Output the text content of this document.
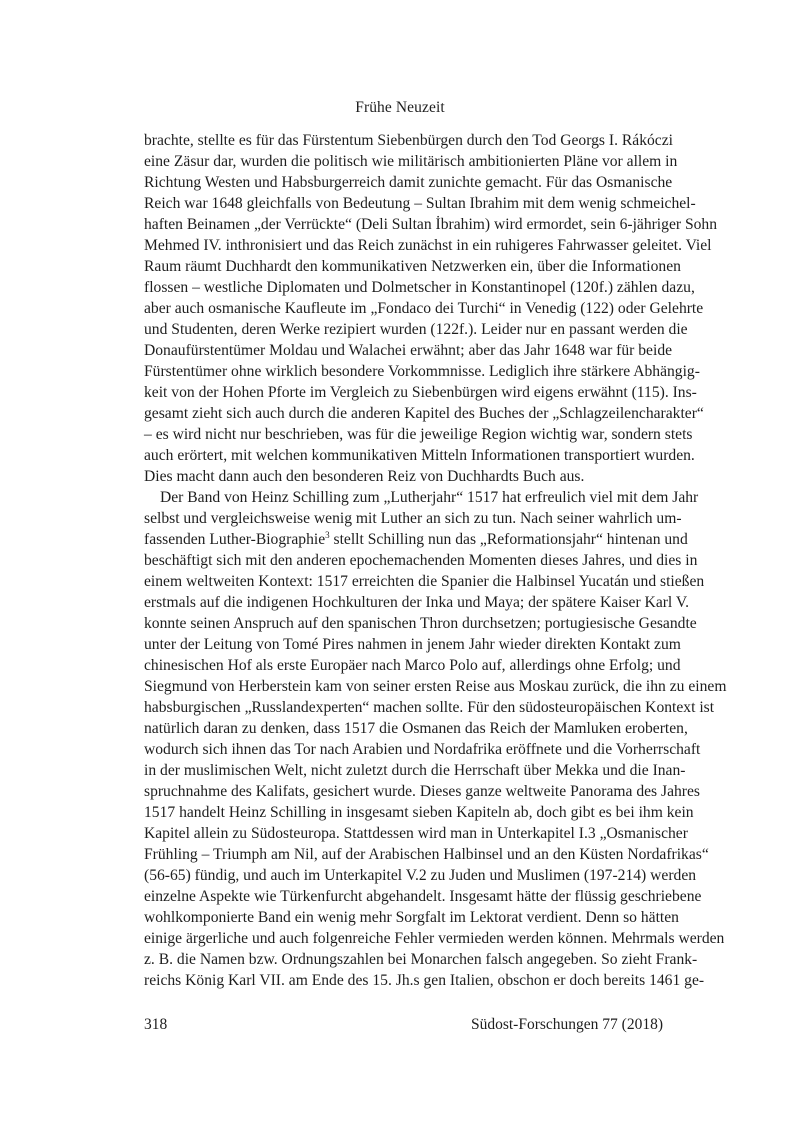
Frühe Neuzeit
brachte, stellte es für das Fürstentum Siebenbürgen durch den Tod Georgs I. Rákóczi
eine Zäsur dar, wurden die politisch wie militärisch ambitionierten Pläne vor allem in
Richtung Westen und Habsburgerreich damit zunichte gemacht. Für das Osmanische
Reich war 1648 gleichfalls von Bedeutung – Sultan Ibrahim mit dem wenig schmeichel-
haften Beinamen „der Verrückte“ (Deli Sultan İbrahim) wird ermordet, sein 6-jähriger Sohn
Mehmed IV. inthronisiert und das Reich zunächst in ein ruhigeres Fahrwasser geleitet. Viel
Raum räumt Duchhardt den kommunikativen Netzwerken ein, über die Informationen
flossen – westliche Diplomaten und Dolmetscher in Konstantinopel (120f.) zählen dazu,
aber auch osmanische Kaufleute im „Fondaco dei Turchi“ in Venedig (122) oder Gelehrte
und Studenten, deren Werke rezipiert wurden (122f.). Leider nur en passant werden die
Donaufürstentümer Moldau und Walachei erwähnt; aber das Jahr 1648 war für beide
Fürstentümer ohne wirklich besondere Vorkommnisse. Lediglich ihre stärkere Abhängig-
keit von der Hohen Pforte im Vergleich zu Siebenbürgen wird eigens erwähnt (115). Ins-
gesamt zieht sich auch durch die anderen Kapitel des Buches der „Schlagzeilencharakter“
– es wird nicht nur beschrieben, was für die jeweilige Region wichtig war, sondern stets
auch erörtert, mit welchen kommunikativen Mitteln Informationen transportiert wurden.
Dies macht dann auch den besonderen Reiz von Duchhardts Buch aus.
Der Band von Heinz Schilling zum „Lutherjahr“ 1517 hat erfreulich viel mit dem Jahr
selbst und vergleichsweise wenig mit Luther an sich zu tun. Nach seiner wahrlich um-
fassenden Luther-Biographie$^3$ stellt Schilling nun das „Reformationsjahr“ hintenan und
beschäftigt sich mit den anderen epochemachenden Momenten dieses Jahres, und dies in
einem weltweiten Kontext: 1517 erreichten die Spanier die Halbinsel Yucatán und stießen
erstmals auf die indigenen Hochkulturen der Inka und Maya; der spätere Kaiser Karl V.
konnte seinen Anspruch auf den spanischen Thron durchsetzen; portugiesische Gesandte
unter der Leitung von Tomé Pires nahmen in jenem Jahr wieder direkten Kontakt zum
chinesischen Hof als erste Europäer nach Marco Polo auf, allerdings ohne Erfolg; und
Siegmund von Herberstein kam von seiner ersten Reise aus Moskau zurück, die ihn zu einem
habsburgischen „Russlandexperten“ machen sollte. Für den südosteuropäischen Kontext ist
natürlich daran zu denken, dass 1517 die Osmanen das Reich der Mamluken eroberten,
wodurch sich ihnen das Tor nach Arabien und Nordafrika eröffnete und die Vorherrschaft
in der muslimischen Welt, nicht zuletzt durch die Herrschaft über Mekka und die Inan-
spruchnahme des Kalifats, gesichert wurde. Dieses ganze weltweite Panorama des Jahres
1517 handelt Heinz Schilling in insgesamt sieben Kapiteln ab, doch gibt es bei ihm kein
Kapitel allein zu Südosteuropa. Stattdessen wird man in Unterkapitel I.3 „Osmanischer
Frühling – Triumph am Nil, auf der Arabischen Halbinsel und an den Küsten Nordafrikas“
(56-65) fündig, und auch im Unterkapitel V.2 zu Juden und Muslimen (197-214) werden
einzelne Aspekte wie Türkenfurcht abgehandelt. Insgesamt hätte der flüssig geschriebene
wohlkomponierte Band ein wenig mehr Sorgfalt im Lektorat verdient. Denn so hätten
einige ärgerliche und auch folgenreiche Fehler vermieden werden können. Mehrmals werden
z. B. die Namen bzw. Ordnungszahlen bei Monarchen falsch angegeben. So zieht Frank-
reichs König Karl VII. am Ende des 15. Jh.s gen Italien, obschon er doch bereits 1461 ge-
318	Südost-Forschungen 77 (2018)
